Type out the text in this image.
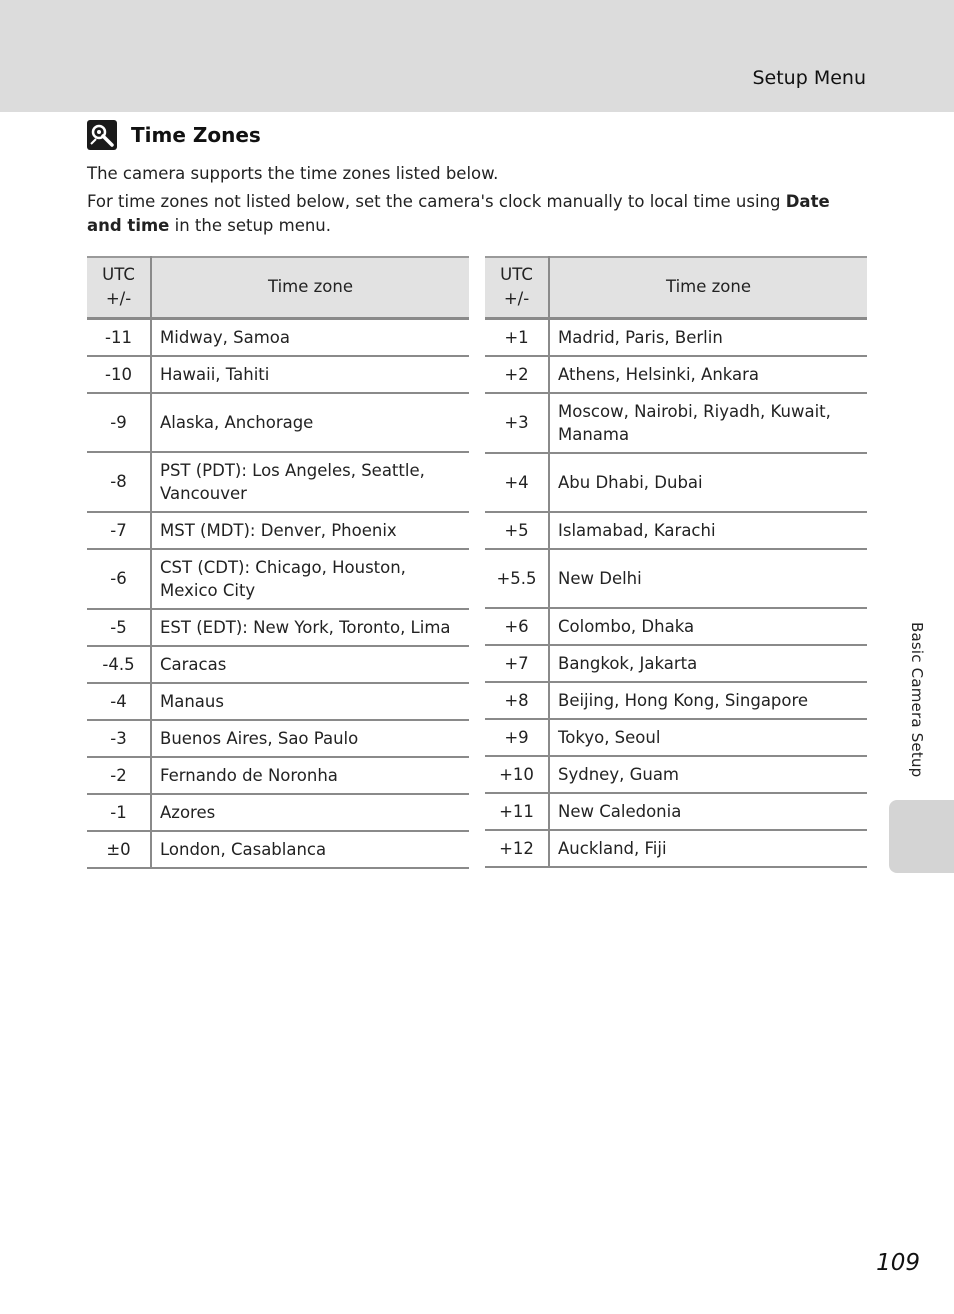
Setup Menu
Time Zones

The camera supports the time zones listed below.

For time zones not listed below, set the camera's clock manually to local time using Date and time in the setup menu.

UTC +/-	Time zone
-11	Midway, Samoa
-10	Hawaii, Tahiti
-9	Alaska, Anchorage
-8	PST (PDT): Los Angeles, Seattle, Vancouver
-7	MST (MDT): Denver, Phoenix
-6	CST (CDT): Chicago, Houston, Mexico City
-5	EST (EDT): New York, Toronto, Lima
-4.5	Caracas
-4	Manaus
-3	Buenos Aires, Sao Paulo
-2	Fernando de Noronha
-1	Azores
±0	London, Casablanca
UTC +/-	Time zone
+1	Madrid, Paris, Berlin
+2	Athens, Helsinki, Ankara
+3	Moscow, Nairobi, Riyadh, Kuwait, Manama
+4	Abu Dhabi, Dubai
+5	Islamabad, Karachi
+5.5	New Delhi
+6	Colombo, Dhaka
+7	Bangkok, Jakarta
+8	Beijing, Hong Kong, Singapore
+9	Tokyo, Seoul
+10	Sydney, Guam
+11	New Caledonia
+12	Auckland, Fiji
Basic Camera Setup
109
